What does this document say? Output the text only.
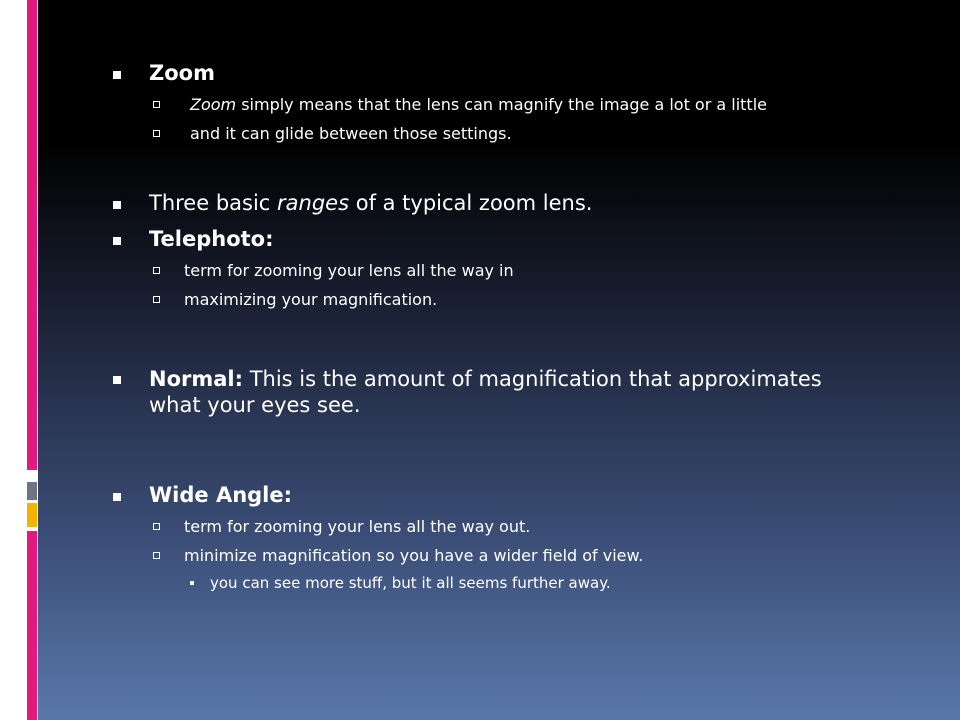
Zoom
Zoom simply means that the lens can magnify the image a lot or a little
and it can glide between those settings.
Three basic ranges of a typical zoom lens.
Telephoto:
term for zooming your lens all the way in
maximizing your magnification.
Normal: This is the amount of magnification that approximates
what your eyes see.
Wide Angle:
term for zooming your lens all the way out.
minimize magnification so you have a wider field of view.
you can see more stuff, but it all seems further away.
